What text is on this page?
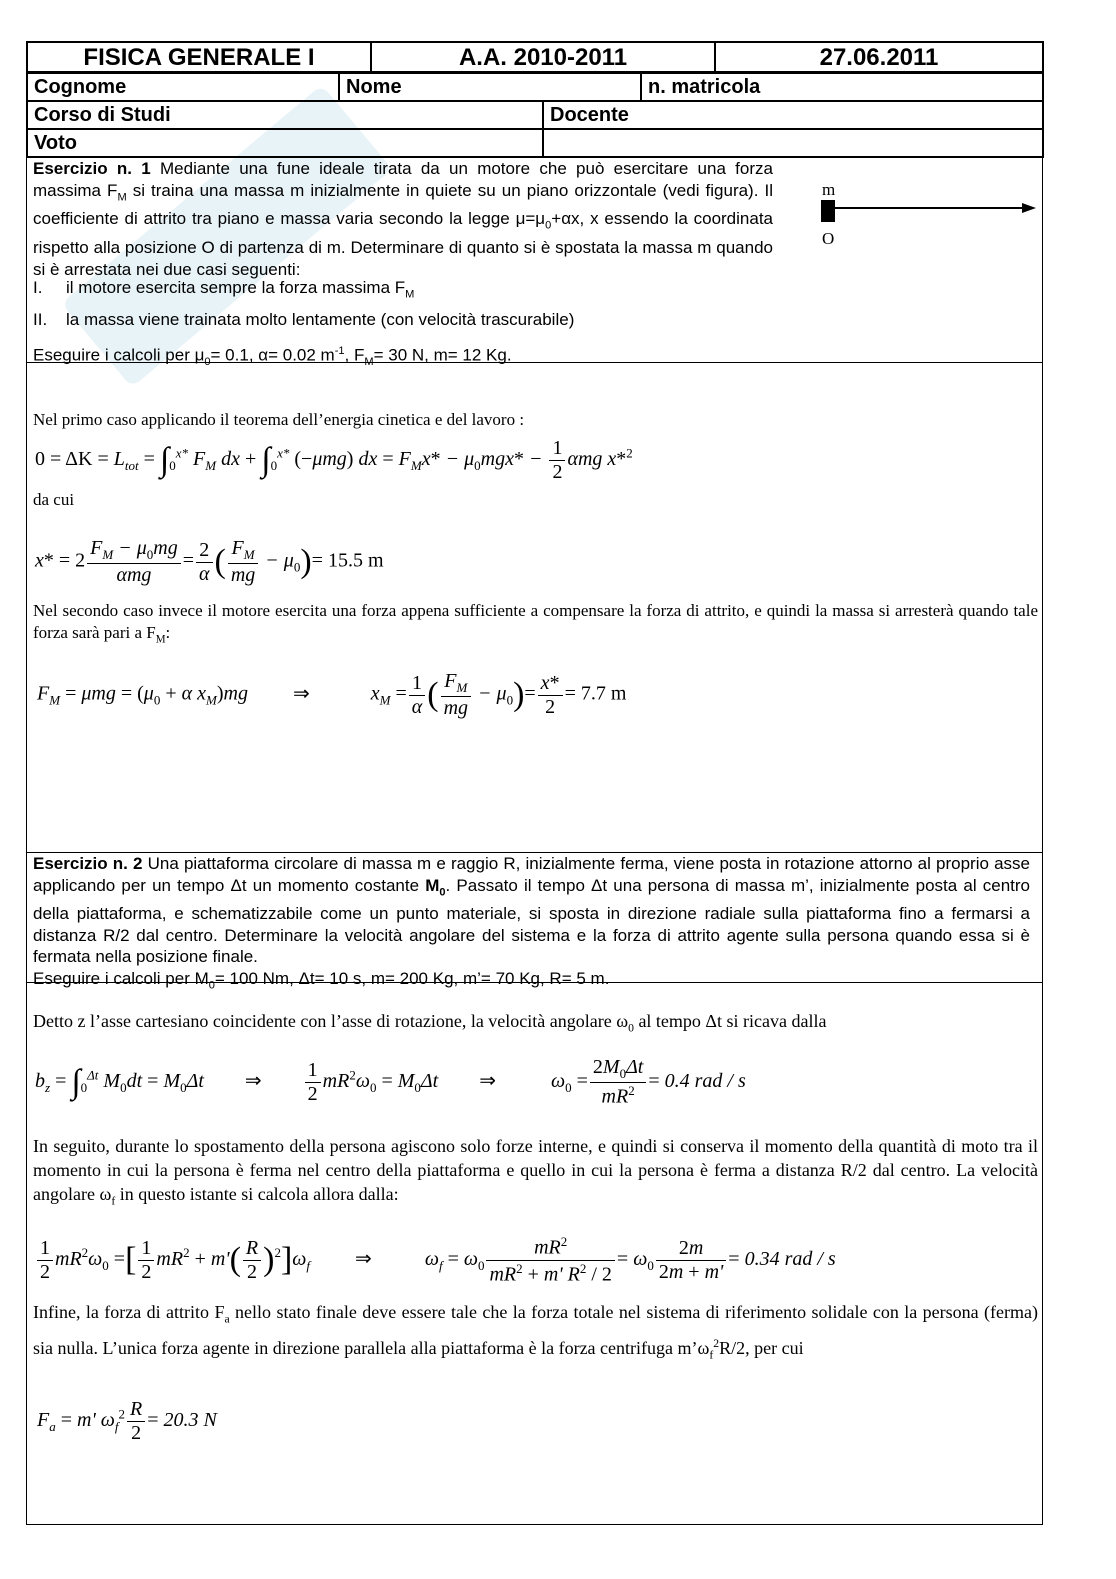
FISICA GENERALE I	A.A. 2010-2011	27.06.2011
Cognome	Nome	n. matricola
Corso di Studi	Docente
Voto
Esercizio n. 1 Mediante una fune ideale tirata da un motore che può esercitare una forza massima $F_M$ si traina una massa m inizialmente in quiete su un piano orizzontale (vedi figura). Il coefficiente di attrito tra piano e massa varia secondo la legge $\mu=\mu_0+\alpha x$, x essendo la coordinata rispetto alla posizione O di partenza di m. Determinare di quanto si è spostata la massa m quando si è arrestata nei due casi seguenti:
I. il motore esercita sempre la forza massima $F_M$
II. la massa viene trainata molto lentamente (con velocità trascurabile)
Eseguire i calcoli per $\mu_0= 0.1$, α= 0.02 $m^{-1}$, $F_M= 30$ N, m= 12 Kg.
m
O
Nel primo caso applicando il teorema dell’energia cinetica e del lavoro :
$0 = \Delta K = L_{tot} = \int_0^{x*}$ $F_M$ dx + $\int_0^{x*}$ (−μmg) dx = $F_Mx* - \mu_0mgx* - \frac{1}{2}$ αmg x*$^2$
da cui
$x* = 2 \frac{F_M - \mu_0mg}{\text{αmg}} = \frac{2}{\alpha}$ ( $\frac{F_M}{mg} - \mu_0)= 15.5$ m
Nel secondo caso invece il motore esercita una forza appena sufficiente a compensare la forza di attrito, e quindi la massa si arresterà quando tale forza sarà pari a $F_M$:
$F_M = \mu mg = (\mu_0 + \alpha$ $x_M)mg$ ⇒	$x_M = \frac{1}{\alpha}$ ( $\frac{F_M}{mg} - \mu_0)= \frac{x*}{2} = 7.7$ m
Esercizio n. 2 Una piattaforma circolare di massa m e raggio R, inizialmente ferma, viene posta in rotazione attorno al proprio asse applicando per un tempo Δt un momento costante $M_0$. Passato il tempo Δt una persona di massa m’, inizialmente posta al centro della piattaforma, e schematizzabile come un punto materiale, si sposta in direzione radiale sulla piattaforma fino a fermarsi a distanza R/2 dal centro. Determinare la velocità angolare del sistema e la forza di attrito agente sulla persona quando essa si è fermata nella posizione finale.
Eseguire i calcoli per $M_0= 100$ Nm, Δt= 10 s, m= 200 Kg, m’= 70 Kg, R= 5 m.
Detto z l’asse cartesiano coincidente con l’asse di rotazione, la velocità angolare $\omega_0$ al tempo Δt si ricava dalla
$b_z = \int_0^{\Delta t}$ $M_0dt = M_0\Delta t$ ⇒ $\frac{1}{2} mR^2\omega_0 = M_0\Delta t$ ⇒	$\omega_0 = \frac{2M_0\Delta t}{mR^2} = 0.4$ rad / s
In seguito, durante lo spostamento della persona agiscono solo forze interne, e quindi si conserva il momento della quantità di moto tra il momento in cui la persona è ferma nel centro della piattaforma e quello in cui la persona è ferma a distanza R/2 dal centro. La velocità angolare $\omega_f$ in questo istante si calcola allora dalla:
$\frac{1}{2} mR^2\omega_0$ =[ $\frac{1}{2} mR^2 + m'( \frac{R}{2} )^2]\omega_f$ ⇒ $\omega_f = \omega_0 \frac{mR^2}{mR^2 + m' R^2 / 2} = \omega_0 \frac{2m}{2m + m'} = 0.34$ rad / s
Infine, la forza di attrito $F_a$ nello stato finale deve essere tale che la forza totale nel sistema di riferimento solidale con la persona (ferma) sia nulla. L’unica forza agente in direzione parallela alla piattaforma è la forza centrifuga $m’\omega_f^2R/2$, per cui
$F_a = m'$ $\omega_f^2 \frac{R}{2} = 20.3$ N
